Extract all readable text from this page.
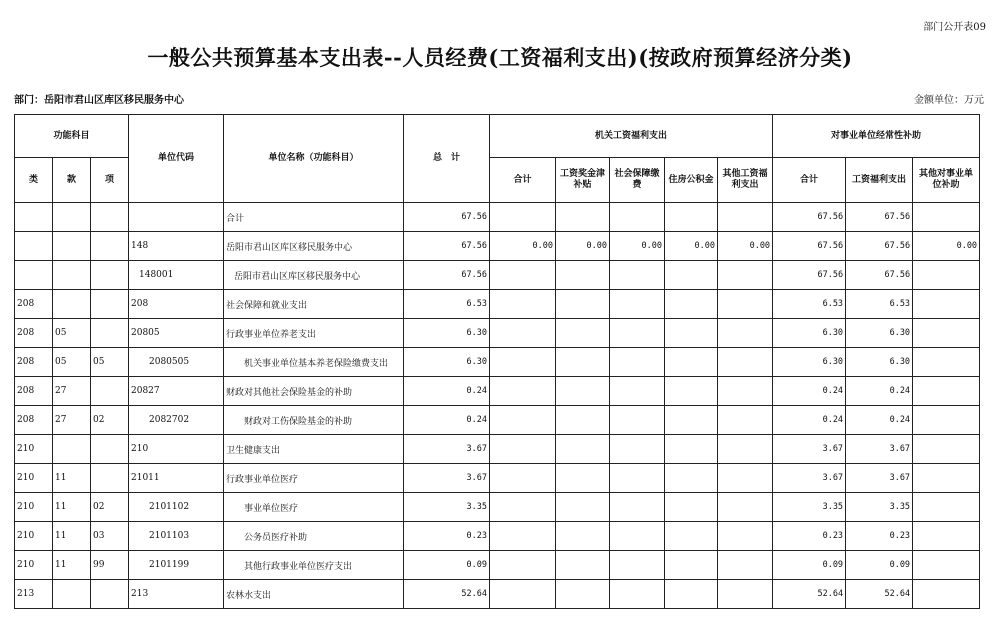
部门公开表09
一般公共预算基本支出表--人员经费(工资福利支出)(按政府预算经济分类)
部门：岳阳市君山区库区移民服务中心	金额单位：万元
功能科目			单位代码	单位名称（功能科目）	总　计	机关工资福利支出					对事业单位经常性补助		
类	款	项				合计	工资奖金津补贴	社会保障缴费	住房公积金	其他工资福利支出	合计	工资福利支出	其他对事业单位补助
				合计	67.56						67.56	67.56	
			148	岳阳市君山区库区移民服务中心	67.56	0.00	0.00	0.00	0.00	0.00	67.56	67.56	0.00
			148001	岳阳市君山区库区移民服务中心	67.56						67.56	67.56	
208			208	社会保障和就业支出	6.53						6.53	6.53	
208	05		20805	行政事业单位养老支出	6.30						6.30	6.30	
208	05	05	2080505	机关事业单位基本养老保险缴费支出	6.30						6.30	6.30	
208	27		20827	财政对其他社会保险基金的补助	0.24						0.24	0.24	
208	27	02	2082702	财政对工伤保险基金的补助	0.24						0.24	0.24	
210			210	卫生健康支出	3.67						3.67	3.67	
210	11		21011	行政事业单位医疗	3.67						3.67	3.67	
210	11	02	2101102	事业单位医疗	3.35						3.35	3.35	
210	11	03	2101103	公务员医疗补助	0.23						0.23	0.23	
210	11	99	2101199	其他行政事业单位医疗支出	0.09						0.09	0.09	
213			213	农林水支出	52.64						52.64	52.64	
